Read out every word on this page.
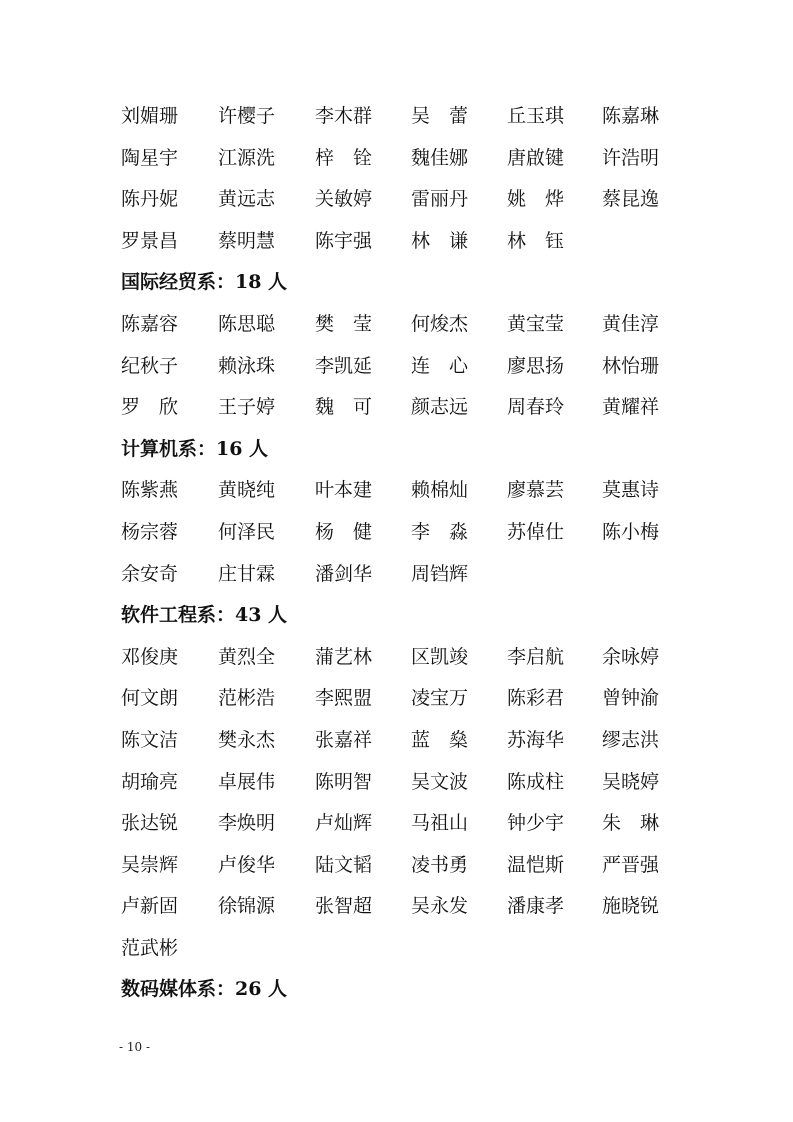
刘媚珊 许樱子 李木群 吴　蕾 丘玉琪 陈嘉琳
陶星宇 江源洗 梓　铨 魏佳娜 唐啟键 许浩明
陈丹妮 黄远志 关敏婷 雷丽丹 姚　烨 蔡昆逸
罗景昌 蔡明慧 陈宇强 林　谦 林　钰
国际经贸系：18 人
陈嘉容 陈思聪 樊　莹 何焌杰 黄宝莹 黄佳淳
纪秋子 赖泳珠 李凯延 连　心 廖思扬 林怡珊
罗　欣 王子婷 魏　可 颜志远 周春玲 黄耀祥
计算机系：16 人
陈紫燕 黄晓纯 叶本建 赖棉灿 廖慕芸 莫惠诗
杨宗蓉 何泽民 杨　健 李　淼 苏倬仕 陈小梅
余安奇 庄甘霖 潘剑华 周铛辉
软件工程系：43 人
邓俊庚 黄烈全 蒲艺林 区凯竣 李启航 余咏婷
何文朗 范彬浩 李熙盟 凌宝万 陈彩君 曾钟渝
陈文洁 樊永杰 张嘉祥 蓝　燊 苏海华 缪志洪
胡瑜亮 卓展伟 陈明智 吴文波 陈成柱 吴晓婷
张达锐 李焕明 卢灿辉 马祖山 钟少宇 朱　琳
吴崇辉 卢俊华 陆文韬 凌书勇 温恺斯 严晋强
卢新固 徐锦源 张智超 吴永发 潘康孝 施晓锐
范武彬
数码媒体系：26 人
- 10 -
